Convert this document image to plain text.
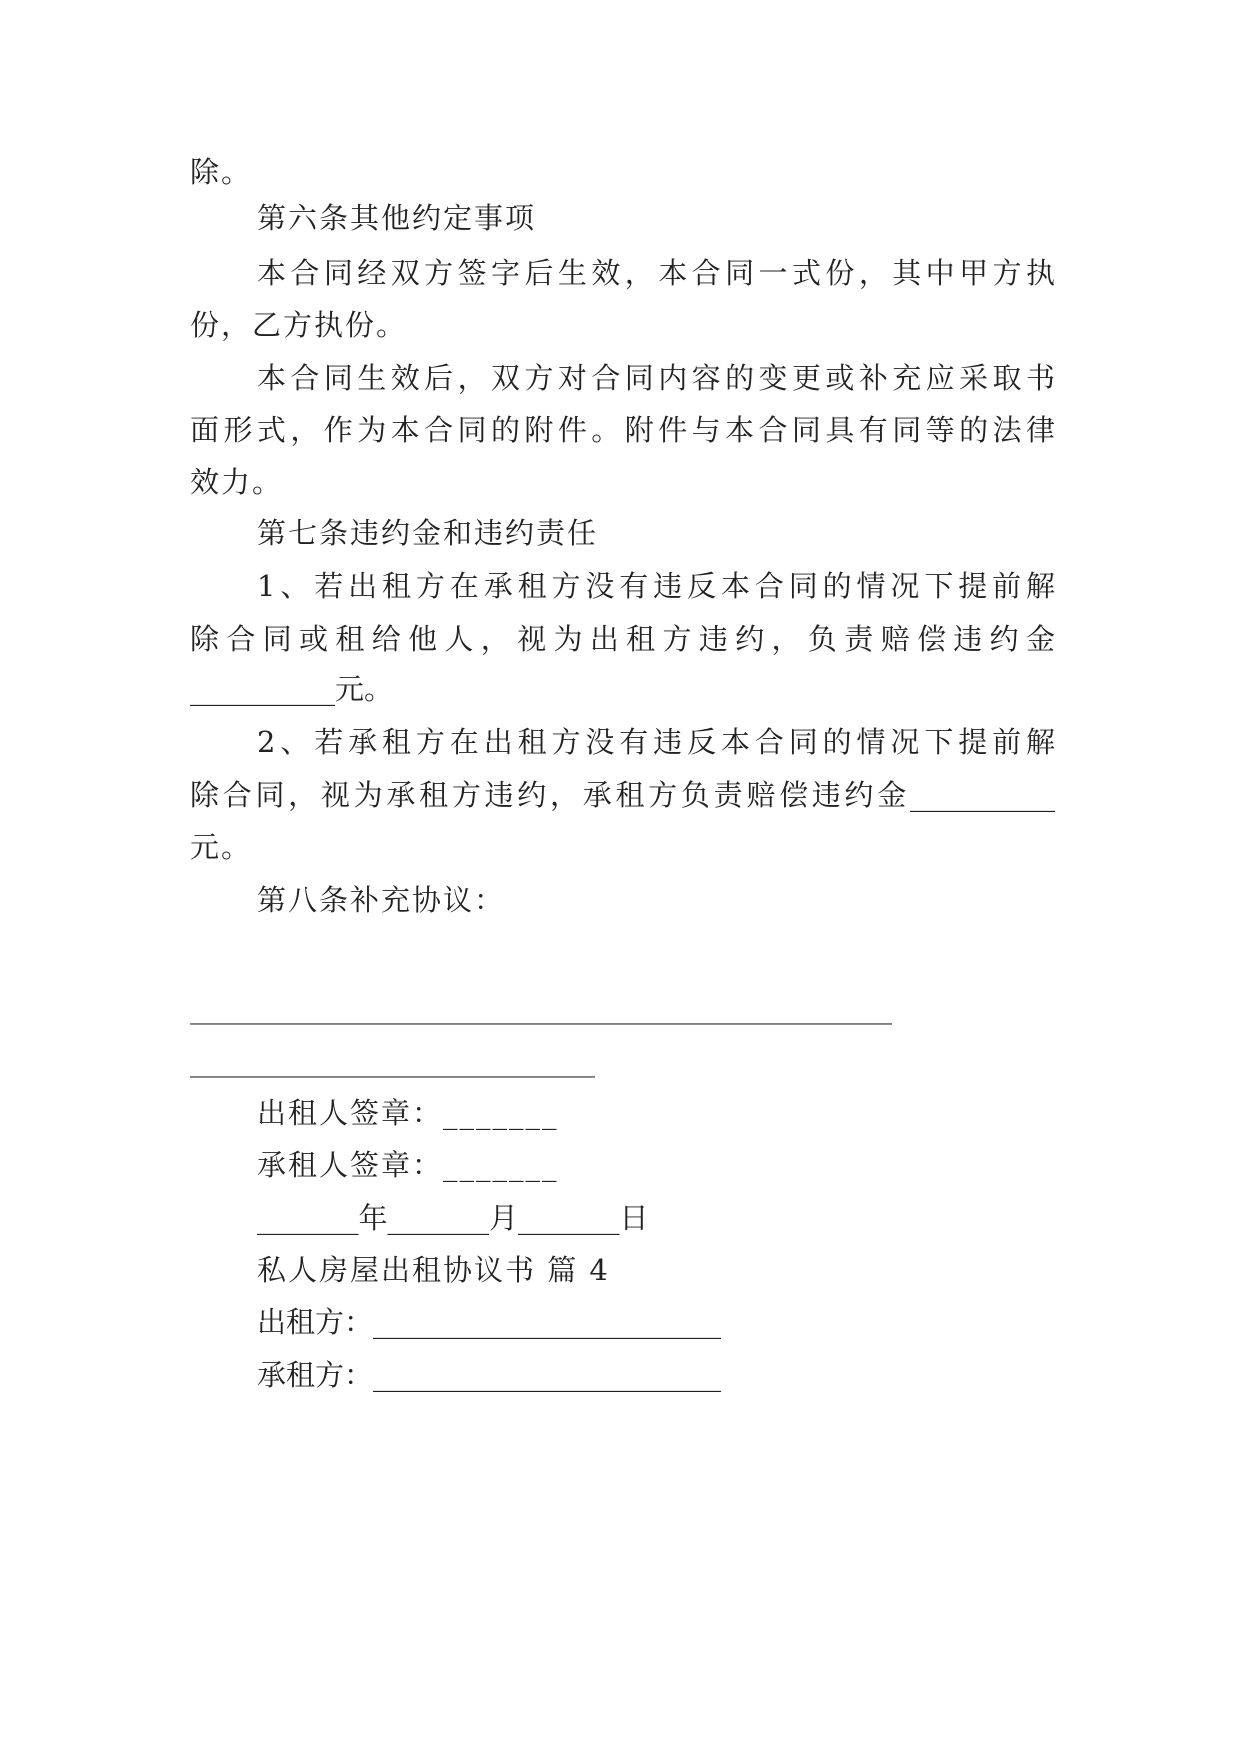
除。
第六条其他约定事项
本合同经双方签字后生效，本合同一式份，其中甲方执
份，乙方执份。
本合同生效后，双方对合同内容的变更或补充应采取书
面形式，作为本合同的附件。附件与本合同具有同等的法律
效力。
第七条违约金和违约责任
1、若出租方在承租方没有违反本合同的情况下提前解
除合同或租给他人，视为出租方违约，负责赔偿违约金
__________元。
2、若承租方在出租方没有违反本合同的情况下提前解
除合同，视为承租方违约，承租方负责赔偿违约金__________
元。
第八条补充协议：
____________________________________________________
______________________________
出租人签章：_______
承租人签章：_______
_______年_______月_______日
私人房屋出租协议书 篇 4
出租方：________________________
承租方：________________________
